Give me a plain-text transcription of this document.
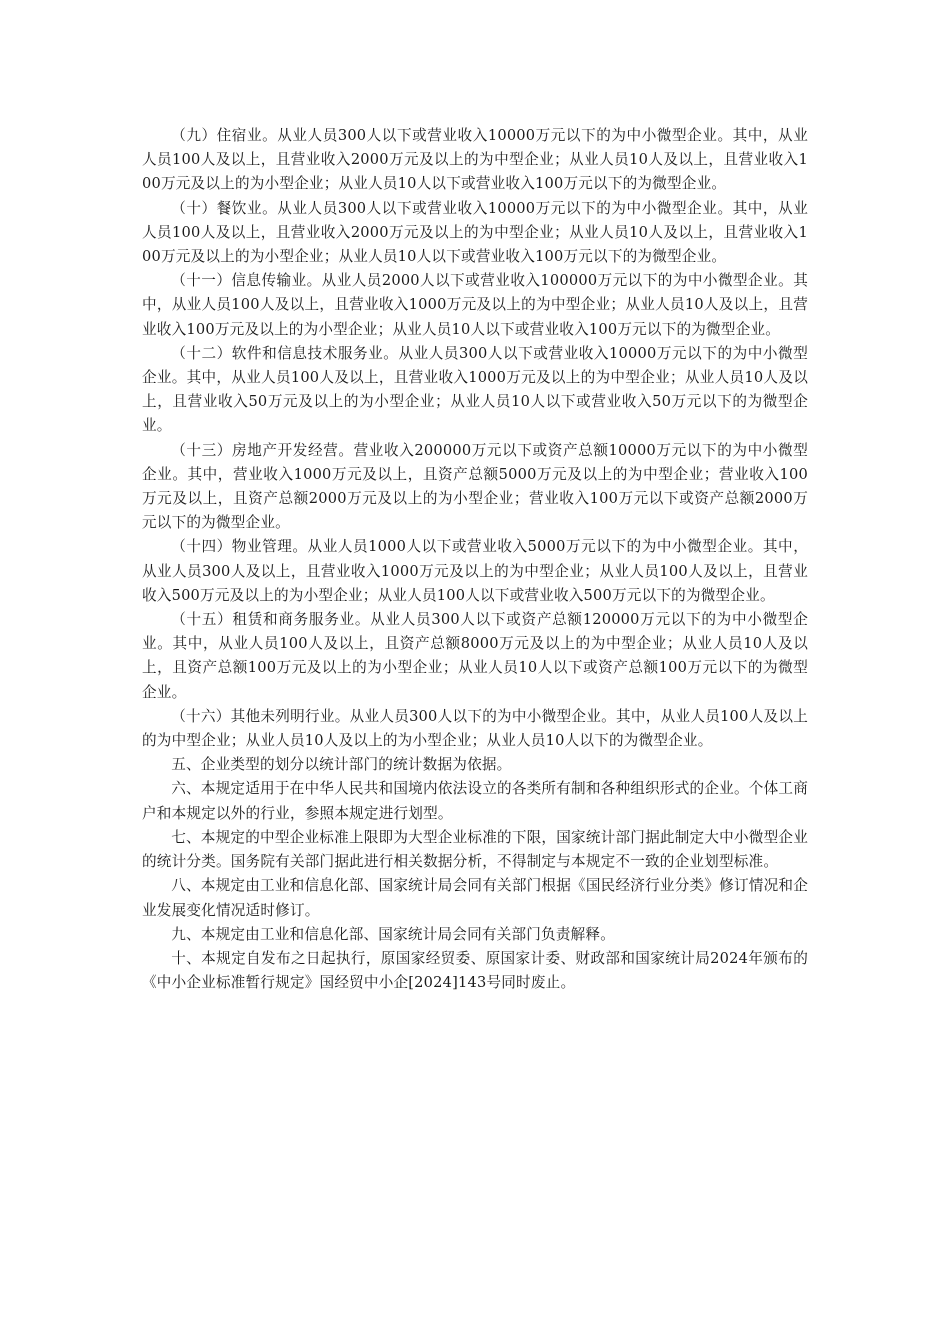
（九）住宿业。从业人员300人以下或营业收入10000万元以下的为中小微型企业。其中，从业人员100人及以上，且营业收入2000万元及以上的为中型企业；从业人员10人及以上，且营业收入100万元及以上的为小型企业；从业人员10人以下或营业收入100万元以下的为微型企业。

（十）餐饮业。从业人员300人以下或营业收入10000万元以下的为中小微型企业。其中，从业人员100人及以上，且营业收入2000万元及以上的为中型企业；从业人员10人及以上，且营业收入100万元及以上的为小型企业；从业人员10人以下或营业收入100万元以下的为微型企业。

（十一）信息传输业。从业人员2000人以下或营业收入100000万元以下的为中小微型企业。其中，从业人员100人及以上，且营业收入1000万元及以上的为中型企业；从业人员10人及以上，且营业收入100万元及以上的为小型企业；从业人员10人以下或营业收入100万元以下的为微型企业。

（十二）软件和信息技术服务业。从业人员300人以下或营业收入10000万元以下的为中小微型企业。其中，从业人员100人及以上，且营业收入1000万元及以上的为中型企业；从业人员10人及以上，且营业收入50万元及以上的为小型企业；从业人员10人以下或营业收入50万元以下的为微型企业。

（十三）房地产开发经营。营业收入200000万元以下或资产总额10000万元以下的为中小微型企业。其中，营业收入1000万元及以上，且资产总额5000万元及以上的为中型企业；营业收入100万元及以上，且资产总额2000万元及以上的为小型企业；营业收入100万元以下或资产总额2000万元以下的为微型企业。

（十四）物业管理。从业人员1000人以下或营业收入5000万元以下的为中小微型企业。其中，从业人员300人及以上，且营业收入1000万元及以上的为中型企业；从业人员100人及以上，且营业收入500万元及以上的为小型企业；从业人员100人以下或营业收入500万元以下的为微型企业。

（十五）租赁和商务服务业。从业人员300人以下或资产总额120000万元以下的为中小微型企业。其中，从业人员100人及以上，且资产总额8000万元及以上的为中型企业；从业人员10人及以上，且资产总额100万元及以上的为小型企业；从业人员10人以下或资产总额100万元以下的为微型企业。

（十六）其他未列明行业。从业人员300人以下的为中小微型企业。其中，从业人员100人及以上的为中型企业；从业人员10人及以上的为小型企业；从业人员10人以下的为微型企业。

五、企业类型的划分以统计部门的统计数据为依据。

六、本规定适用于在中华人民共和国境内依法设立的各类所有制和各种组织形式的企业。个体工商户和本规定以外的行业，参照本规定进行划型。

七、本规定的中型企业标准上限即为大型企业标准的下限，国家统计部门据此制定大中小微型企业的统计分类。国务院有关部门据此进行相关数据分析，不得制定与本规定不一致的企业划型标准。

八、本规定由工业和信息化部、国家统计局会同有关部门根据《国民经济行业分类》修订情况和企业发展变化情况适时修订。

九、本规定由工业和信息化部、国家统计局会同有关部门负责解释。

十、本规定自发布之日起执行，原国家经贸委、原国家计委、财政部和国家统计局2024年颁布的《中小企业标准暂行规定》国经贸中小企[2024]143号同时废止。
